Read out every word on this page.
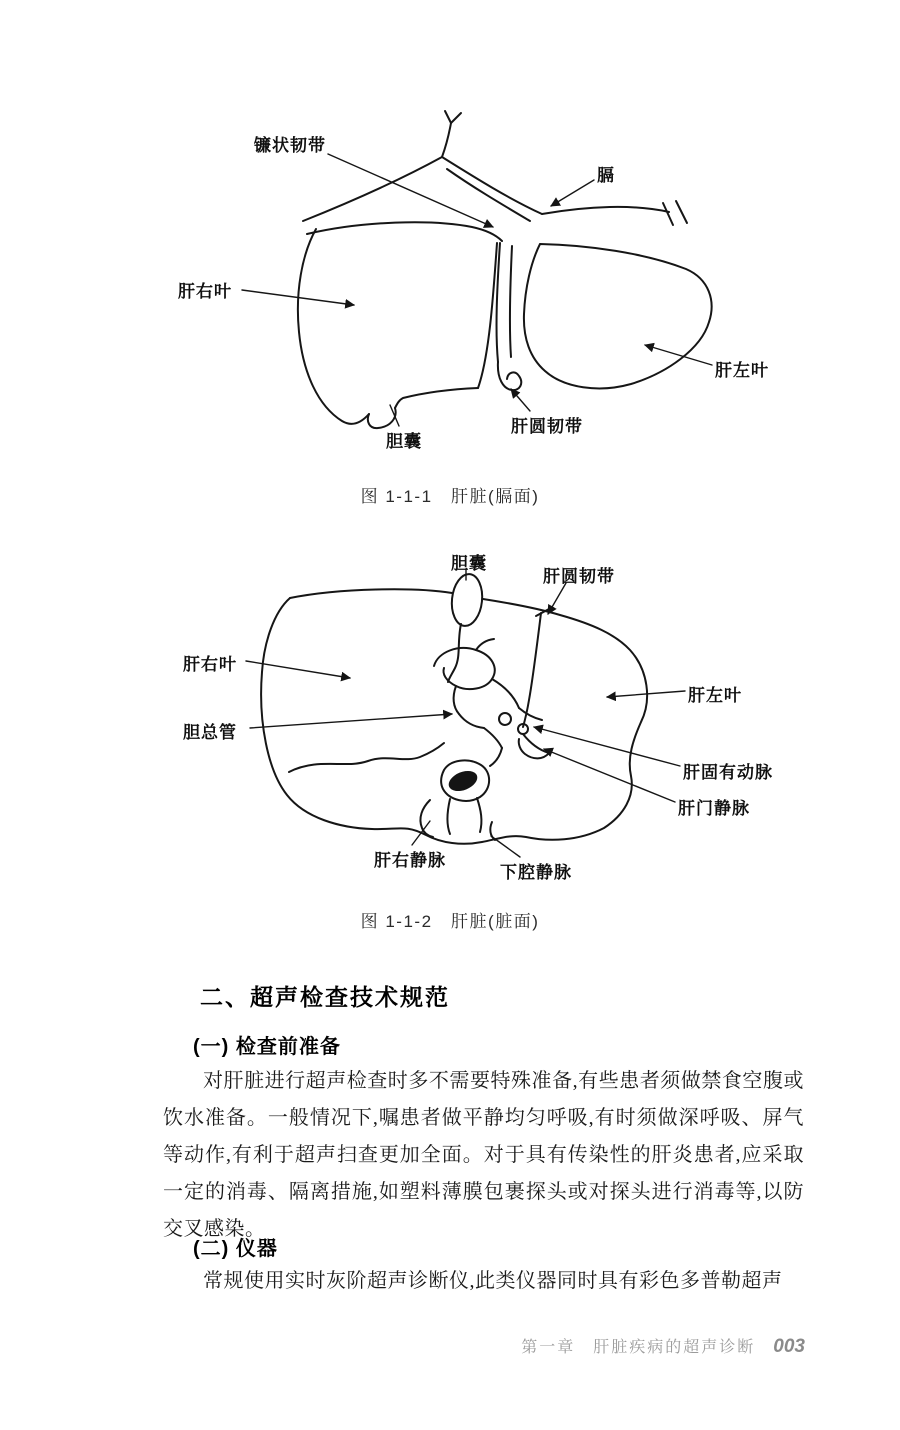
镰状韧带
膈
肝右叶
肝左叶
胆囊
肝圆韧带
图 1-1-1　肝脏(膈面)
胆囊
肝圆韧带
肝右叶
肝左叶
胆总管
肝固有动脉
肝门静脉
肝右静脉
下腔静脉
图 1-1-2　肝脏(脏面)
二、超声检查技术规范
(一) 检查前准备

对肝脏进行超声检查时多不需要特殊准备,有些患者须做禁食空腹或饮水准备。一般情况下,嘱患者做平静均匀呼吸,有时须做深呼吸、屏气等动作,有利于超声扫查更加全面。对于具有传染性的肝炎患者,应采取一定的消毒、隔离措施,如塑料薄膜包裹探头或对探头进行消毒等,以防交叉感染。

(二) 仪器

常规使用实时灰阶超声诊断仪,此类仪器同时具有彩色多普勒超声

第一章　肝脏疾病的超声诊断 003
